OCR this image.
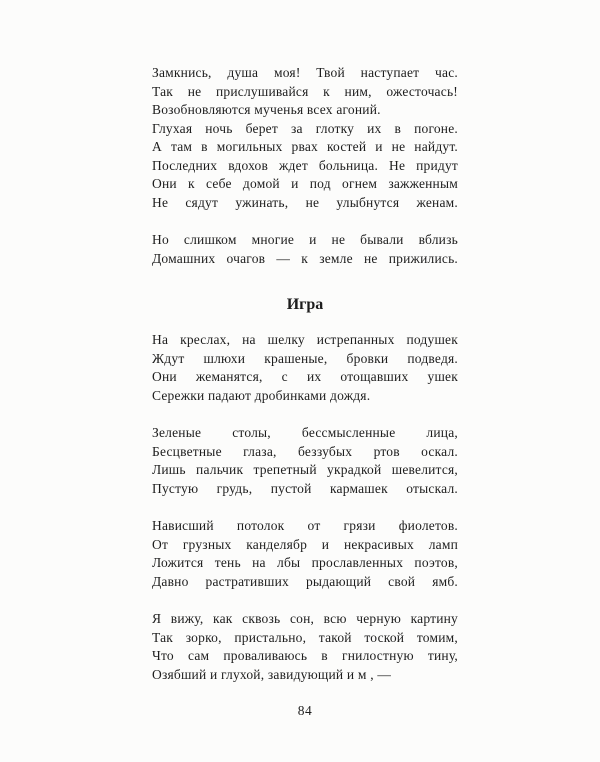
Замкнись, душа моя! Твой наступает час.
Так не прислушивайся к ним, ожесточась!
Возобновляются мученья всех агоний.
Глухая ночь берет за глотку их в погоне.
А там в могильных рвах костей и не найдут.
Последних вдохов ждет больница. Не придут
Они к себе домой и под огнем зажженным
Не сядут ужинать, не улыбнутся женам.
Но слишком многие и не бывали вблизь
Домашних очагов — к земле не прижились.
Игра
На креслах, на шелку истрепанных подушек
Ждут шлюхи крашеные, бровки подведя.
Они жеманятся, с их отощавших ушек
Сережки падают дробинками дождя.
Зеленые столы, бессмысленные лица,
Бесцветные глаза, беззубых ртов оскал.
Лишь пальчик трепетный украдкой шевелится,
Пустую грудь, пустой кармашек отыскал.
Нависший потолок от грязи фиолетов.
От грузных канделябр и некрасивых ламп
Ложится тень на лбы прославленных поэтов,
Давно растративших рыдающий свой ямб.
Я вижу, как сквозь сон, всю черную картину
Так зорко, пристально, такой тоской томим,
Что сам проваливаюсь в гнилостную тину,
Озябший и глухой, завидующий и м , —
84
